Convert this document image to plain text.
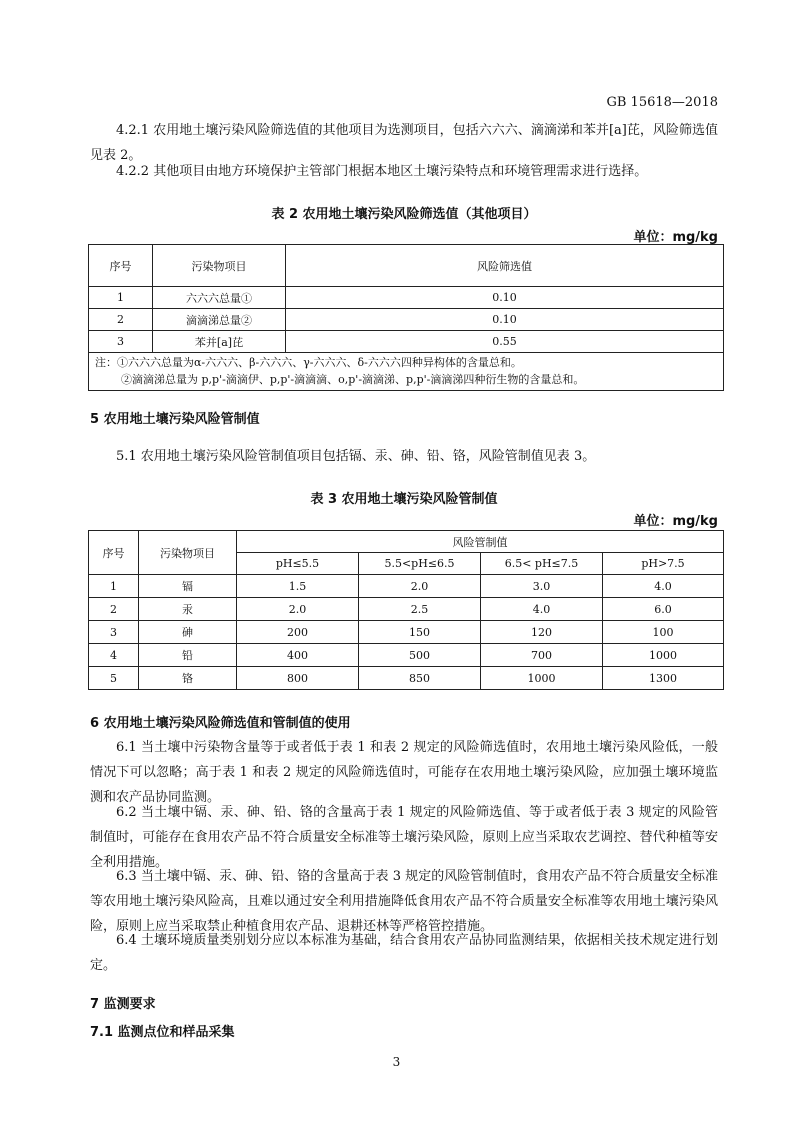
GB 15618—2018
4.2.1 农用地土壤污染风险筛选值的其他项目为选测项目，包括六六六、滴滴涕和苯并[a]芘，风险筛选值见表 2。
4.2.2 其他项目由地方环境保护主管部门根据本地区土壤污染特点和环境管理需求进行选择。
表 2 农用地土壤污染风险筛选值（其他项目）
单位：mg/kg
序号	污染物项目	风险筛选值
1	六六六总量①	0.10
2	滴滴涕总量②	0.10
3	苯并[a]芘	0.55

注：①六六六总量为α-六六六、β-六六六、γ-六六六、δ-六六六四种异构体的含量总和。
②滴滴涕总量为 p,p'-滴滴伊、p,p'-滴滴滴、o,p'-滴滴涕、p,p'-滴滴涕四种衍生物的含量总和。		
5 农用地土壤污染风险管制值
5.1 农用地土壤污染风险管制值项目包括镉、汞、砷、铅、铬，风险管制值见表 3。
表 3 农用地土壤污染风险管制值
单位：mg/kg
序号	污染物项目	风险管制值			
		pH≤5.5	5.5<pH≤6.5	6.5< pH≤7.5	pH>7.5
1	镉	1.5	2.0	3.0	4.0
2	汞	2.0	2.5	4.0	6.0
3	砷	200	150	120	100
4	铅	400	500	700	1000
5	铬	800	850	1000	1300
6 农用地土壤污染风险筛选值和管制值的使用
6.1 当土壤中污染物含量等于或者低于表 1 和表 2 规定的风险筛选值时，农用地土壤污染风险低，一般情况下可以忽略；高于表 1 和表 2 规定的风险筛选值时，可能存在农用地土壤污染风险，应加强土壤环境监测和农产品协同监测。
6.2 当土壤中镉、汞、砷、铅、铬的含量高于表 1 规定的风险筛选值、等于或者低于表 3 规定的风险管制值时，可能存在食用农产品不符合质量安全标准等土壤污染风险，原则上应当采取农艺调控、替代种植等安全利用措施。
6.3 当土壤中镉、汞、砷、铅、铬的含量高于表 3 规定的风险管制值时，食用农产品不符合质量安全标准等农用地土壤污染风险高，且难以通过安全利用措施降低食用农产品不符合质量安全标准等农用地土壤污染风险，原则上应当采取禁止种植食用农产品、退耕还林等严格管控措施。
6.4 土壤环境质量类别划分应以本标准为基础，结合食用农产品协同监测结果，依据相关技术规定进行划定。
7 监测要求
7.1 监测点位和样品采集
3
